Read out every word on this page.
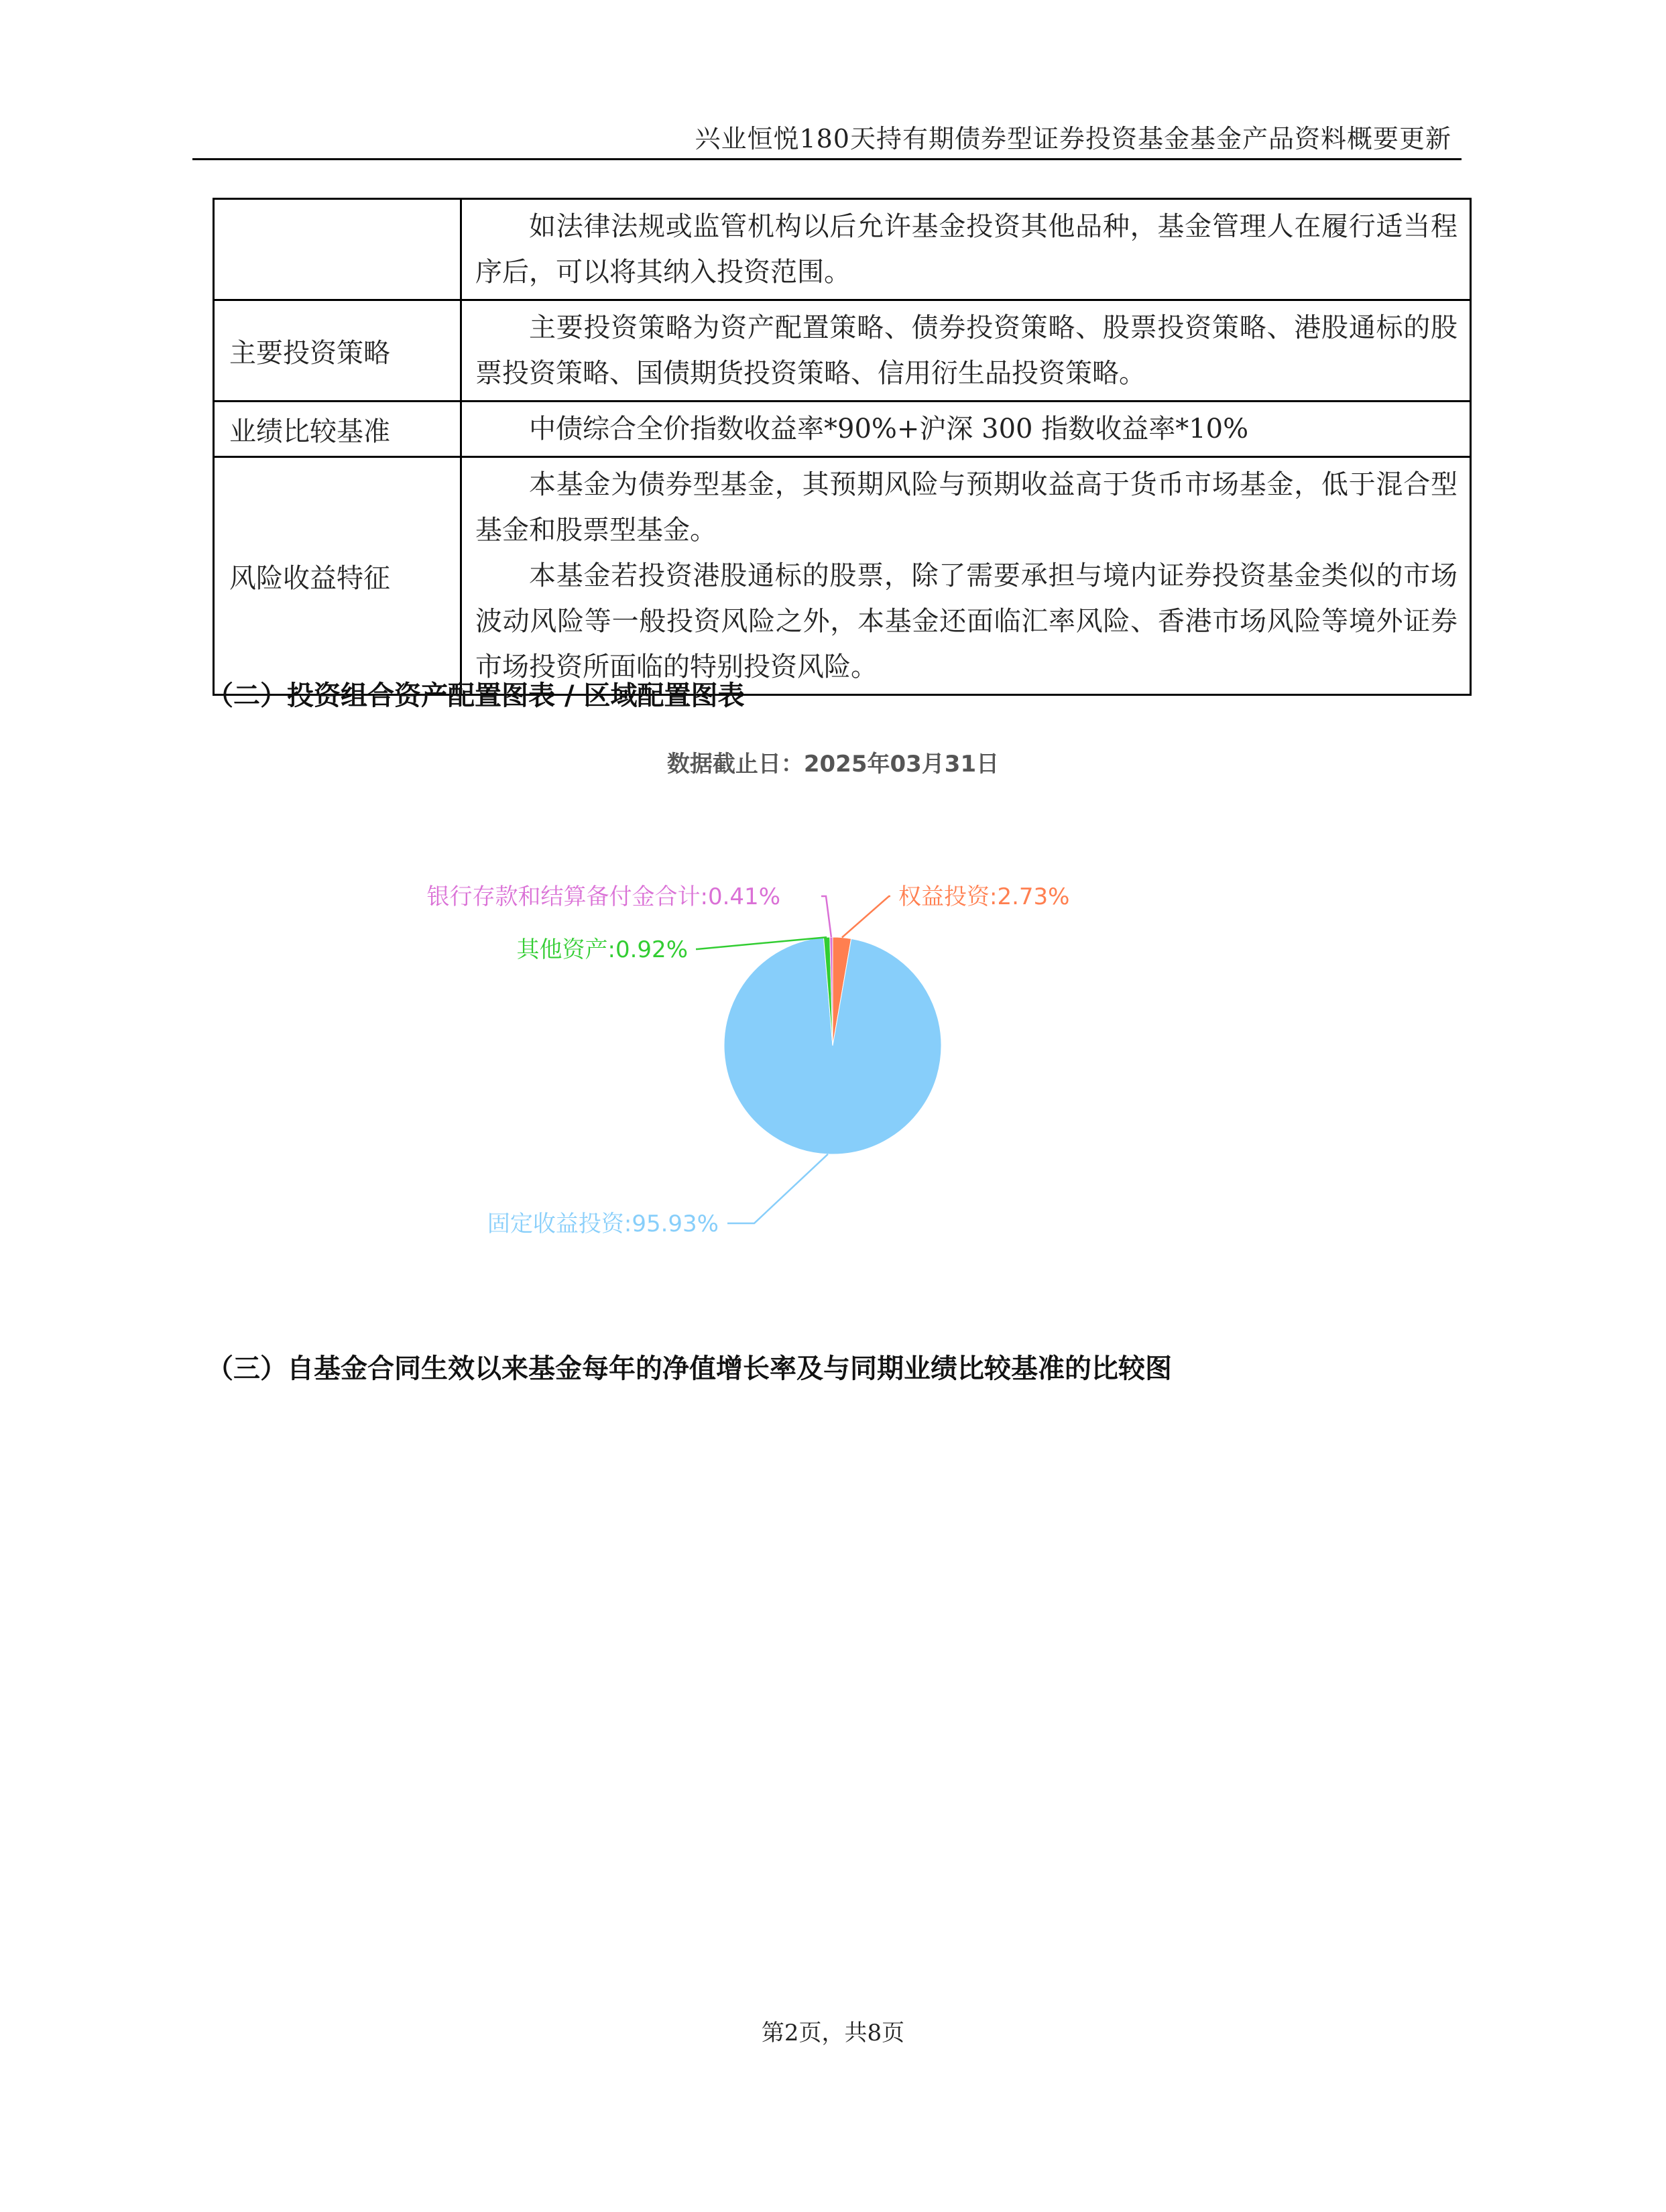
兴业恒悦180天持有期债券型证券投资基金基金产品资料概要更新

	如法律法规或监管机构以后允许基金投资其他品种，基金管理人在履行适当程序后，可以将其纳入投资范围。

主要投资策略	主要投资策略为资产配置策略、债券投资策略、股票投资策略、港股通标的股票投资策略、国债期货投资策略、信用衍生品投资策略。

业绩比较基准	中债综合全价指数收益率*90%+沪深 300 指数收益率*10%

风险收益特征	本基金为债券型基金，其预期风险与预期收益高于货币市场基金，低于混合型基金和股票型基金。
本基金若投资港股通标的股票，除了需要承担与境内证券投资基金类似的市场波动风险等一般投资风险之外，本基金还面临汇率风险、香港市场风险等境外证券市场投资所面临的特别投资风险。
（二）投资组合资产配置图表 / 区域配置图表
数据截止日：2025年03月31日
权益投资:2.73%
固定收益投资:95.93%
其他资产:0.92%
银行存款和结算备付金合计:0.41%
（三）自基金合同生效以来基金每年的净值增长率及与同期业绩比较基准的比较图
第2页，共8页
